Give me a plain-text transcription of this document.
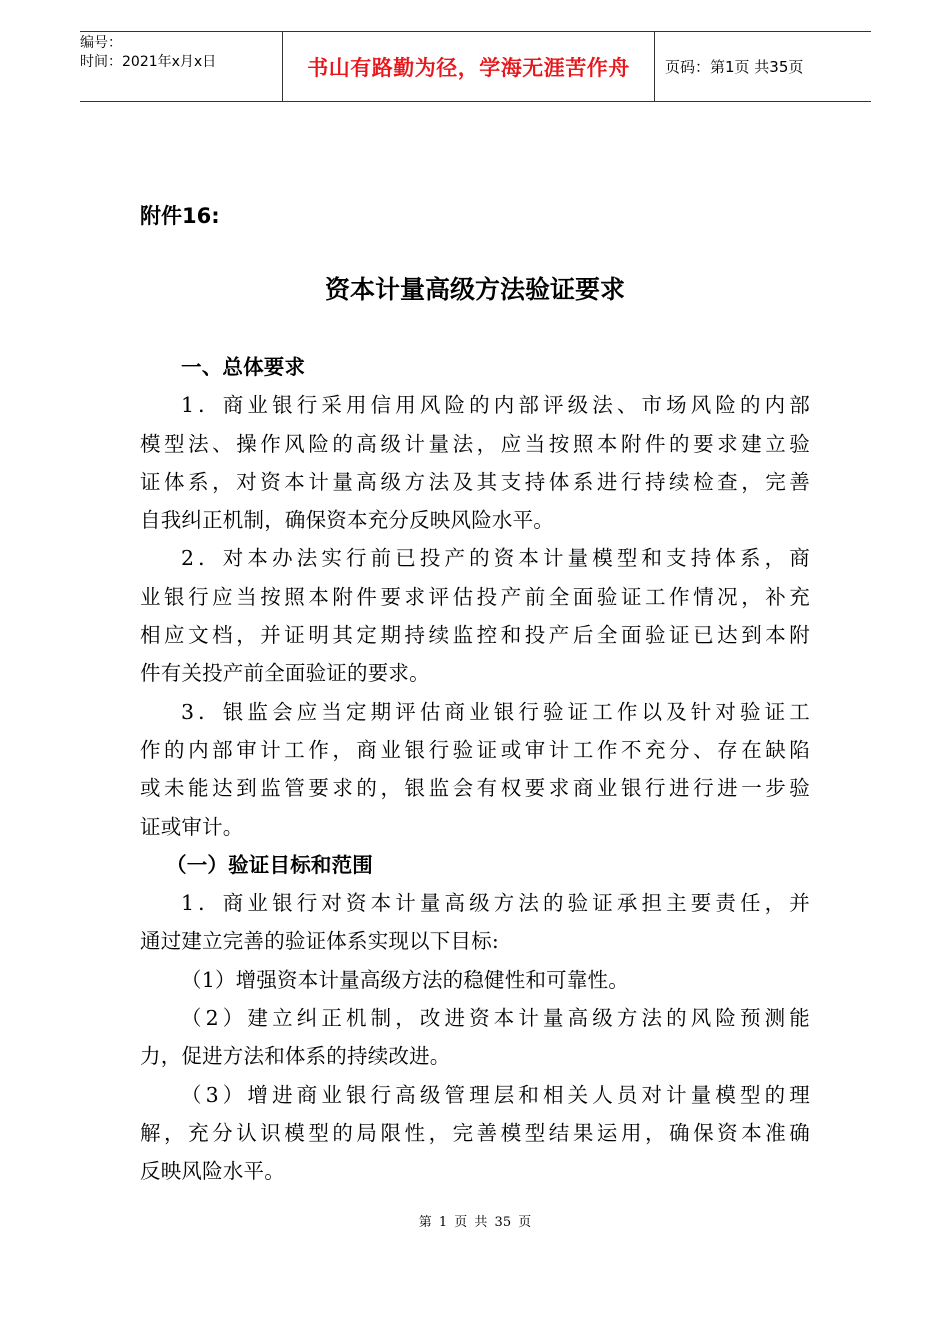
编号：
时间：2021年x月x日	书山有路勤为径，学海无涯苦作舟	页码：第1页 共35页
附件16:
资本计量高级方法验证要求
一、总体要求
1．商业银行采用信用风险的内部评级法、市场风险的内部
模型法、操作风险的高级计量法，应当按照本附件的要求建立验
证体系，对资本计量高级方法及其支持体系进行持续检查，完善
自我纠正机制，确保资本充分反映风险水平。
2．对本办法实行前已投产的资本计量模型和支持体系，商
业银行应当按照本附件要求评估投产前全面验证工作情况，补充
相应文档，并证明其定期持续监控和投产后全面验证已达到本附
件有关投产前全面验证的要求。
3．银监会应当定期评估商业银行验证工作以及针对验证工
作的内部审计工作，商业银行验证或审计工作不充分、存在缺陷
或未能达到监管要求的，银监会有权要求商业银行进行进一步验
证或审计。
（一）验证目标和范围
1．商业银行对资本计量高级方法的验证承担主要责任，并
通过建立完善的验证体系实现以下目标:
（1）增强资本计量高级方法的稳健性和可靠性。
（2）建立纠正机制，改进资本计量高级方法的风险预测能
力，促进方法和体系的持续改进。
（3）增进商业银行高级管理层和相关人员对计量模型的理
解，充分认识模型的局限性，完善模型结果运用，确保资本准确
反映风险水平。
第 1 页 共 35 页
